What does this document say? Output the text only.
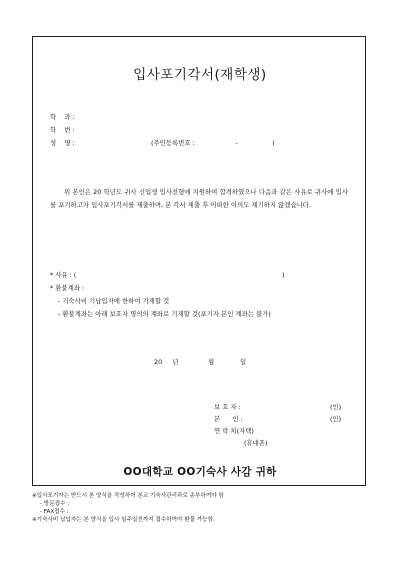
입사포기각서(재학생)
학    과 :
학    번 :
성    명 :	(주민등록번호 :                    -                 )
위 본인은 20 학년도 귀사 신입생 입사전형에 지원하여 합격하였으나 다음과 같은 사유로 귀사에 입사를 포기하고자 입사포기각서를 제출하며, 본 각서 제출 후 어떠한 이의도 제기하지 않겠습니다.
* 사유 : (	)
* 환불계좌 :
- 기숙사비 기납입자에 한하여 기재할 것
- 환불계좌는 아래 보호자 명의의 계좌로 기재할 것(포기자 본인 계좌는 불가)
20     년	월	일
보 호 자 :	(인)
본      인 :	(인)
연 락 처(자택)
(휴대폰)
OO대학교 OO기숙사 사감 귀하
※입사포기자는 반드시 본 양식을 작성하여 본교 기숙사관리과로 송부하여야 함
- 방문접수 :
- FAX접수 :
※기숙사비 납입자는 본 양식을 입사 일주일전까지 접수하여야 환불 가능함.
